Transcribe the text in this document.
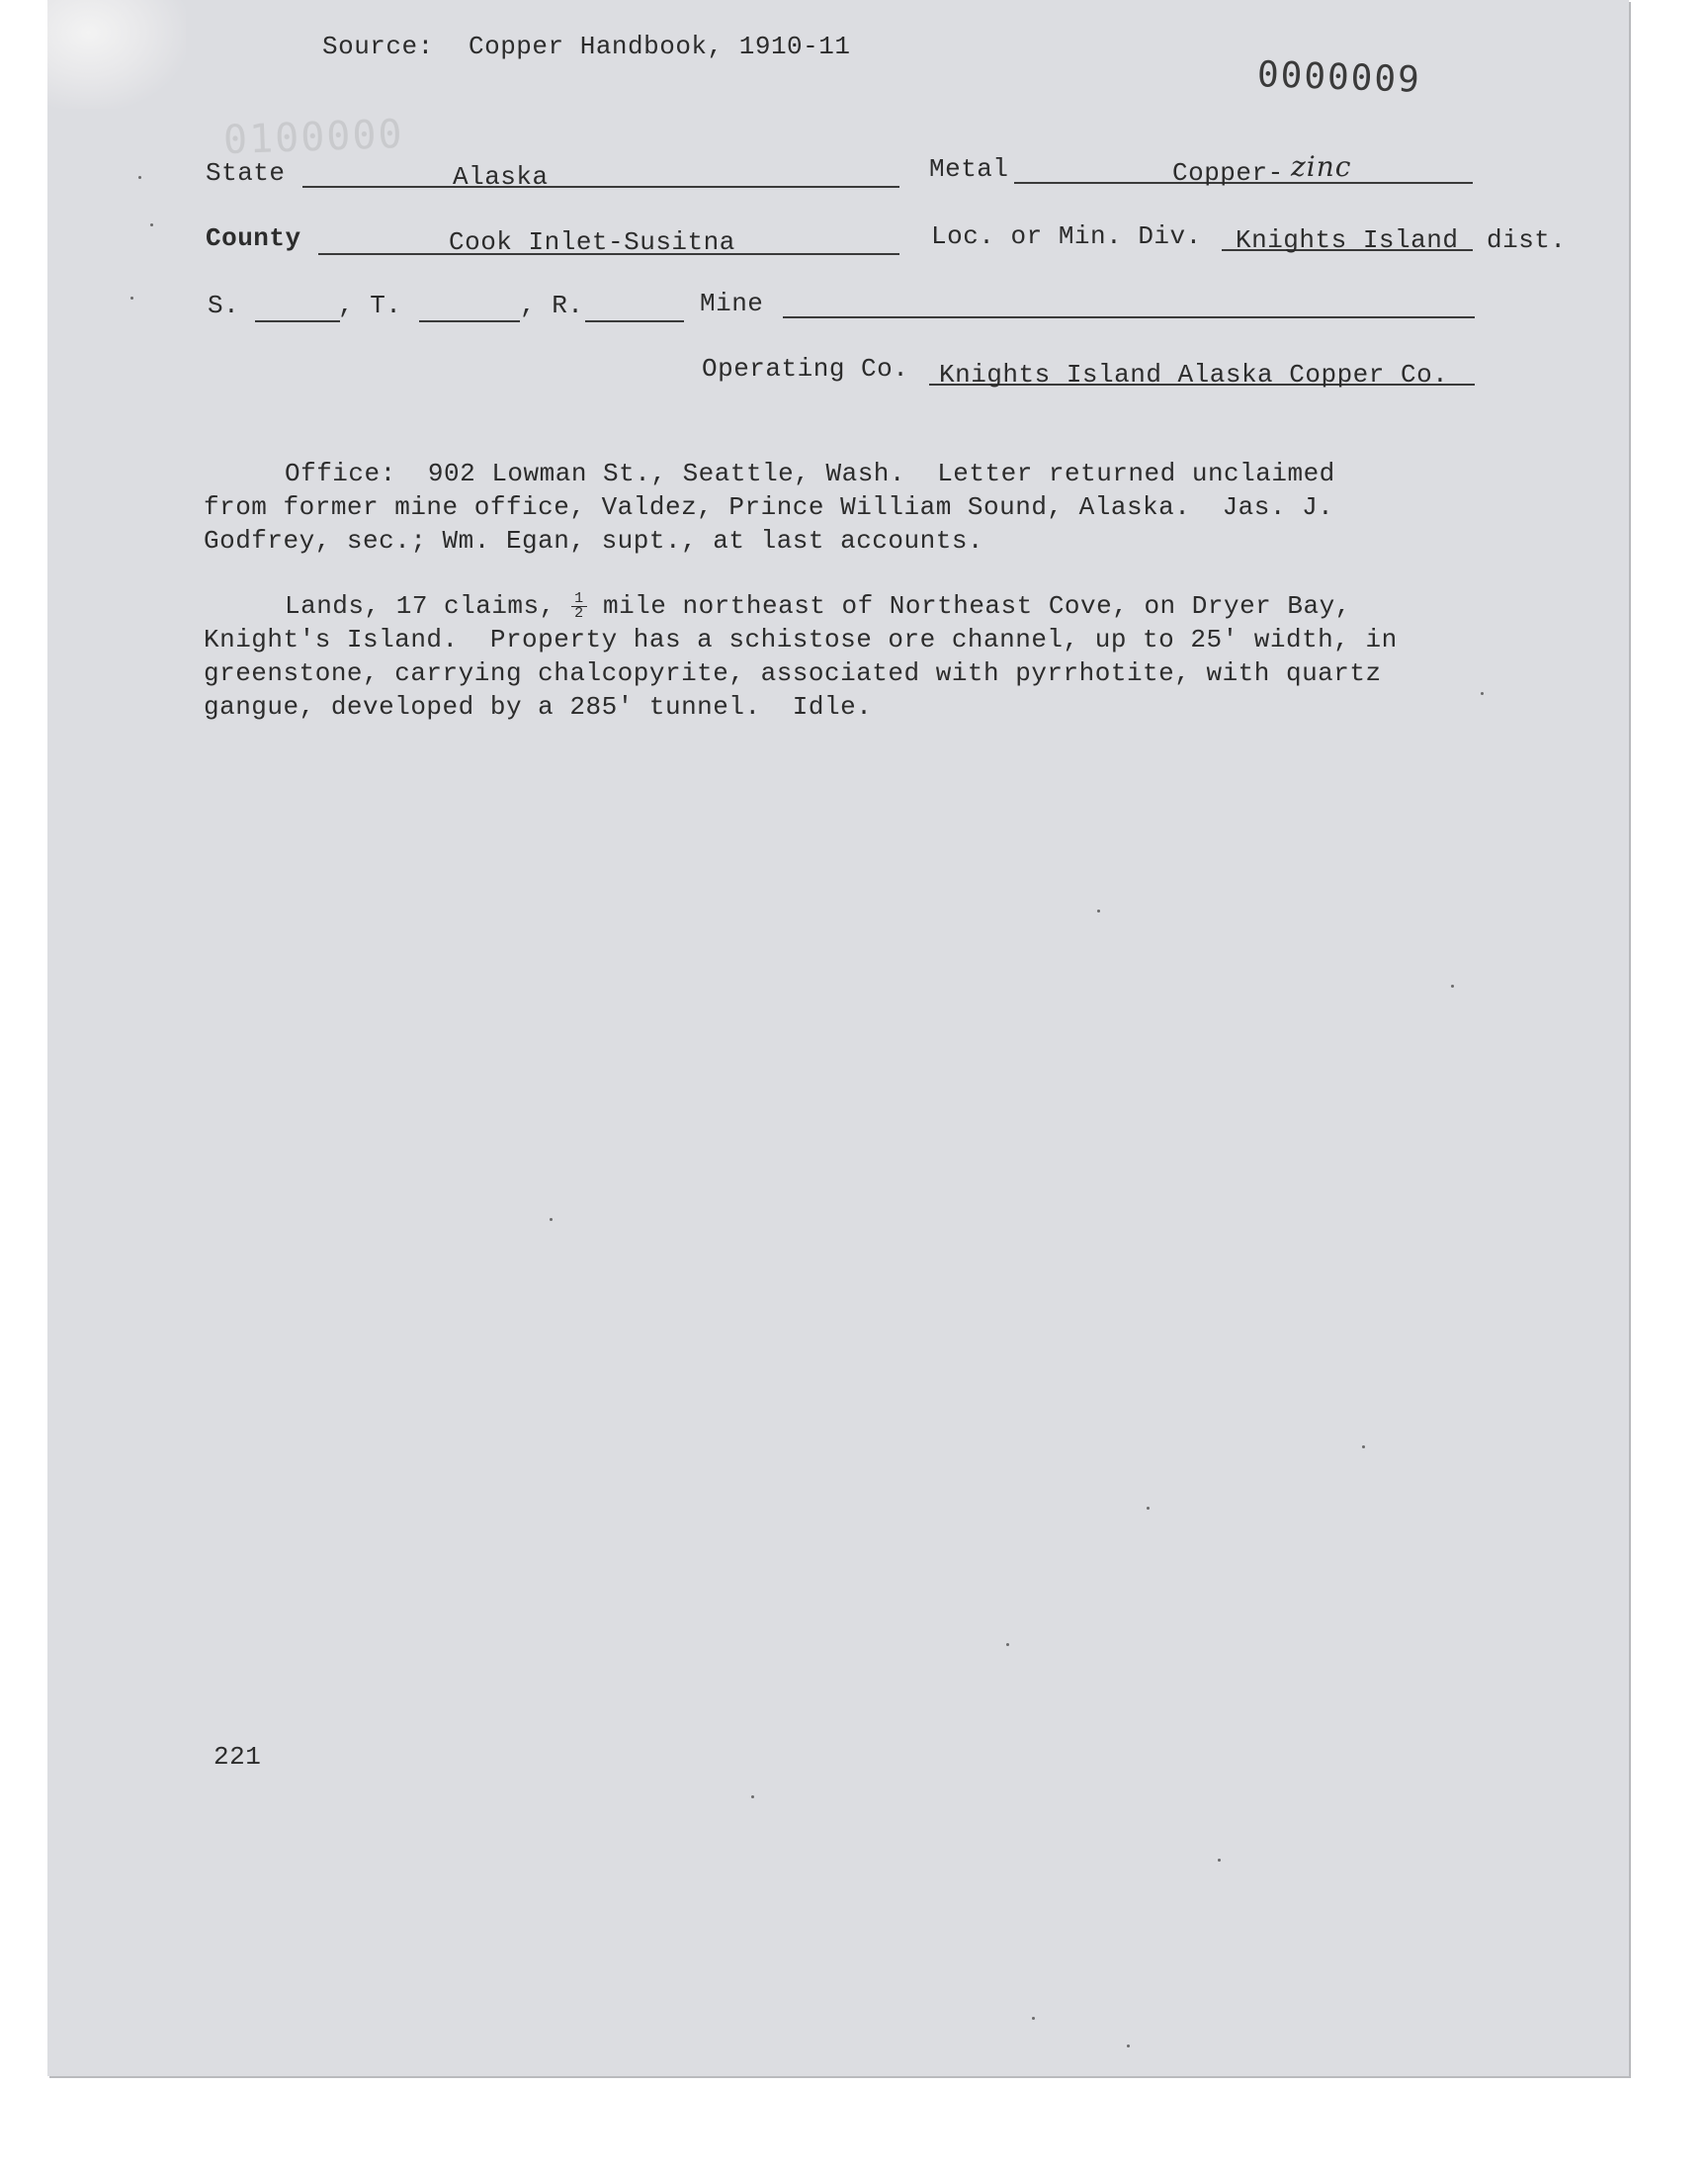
Source: Copper Handbook, 1910-11
0000009
0100000
State	Alaska	Metal	Copper- zinc
County	Cook Inlet-Susitna	Loc. or Min. Div. Knights Island dist.
S.	, T.	, R.	Mine
Operating Co. Knights Island Alaska Copper Co.
Office:  902 Lowman St., Seattle, Wash.  Letter returned unclaimed
from former mine office, Valdez, Prince William Sound, Alaska.  Jas. J.
Godfrey, sec.; Wm. Egan, supt., at last accounts.
Lands, 17 claims, $\frac{1}{2}$ mile northeast of Northeast Cove, on Dryer Bay,
Knight's Island.  Property has a schistose ore channel, up to 25' width, in
greenstone, carrying chalcopyrite, associated with pyrrhotite, with quartz
gangue, developed by a 285' tunnel.  Idle.
221
